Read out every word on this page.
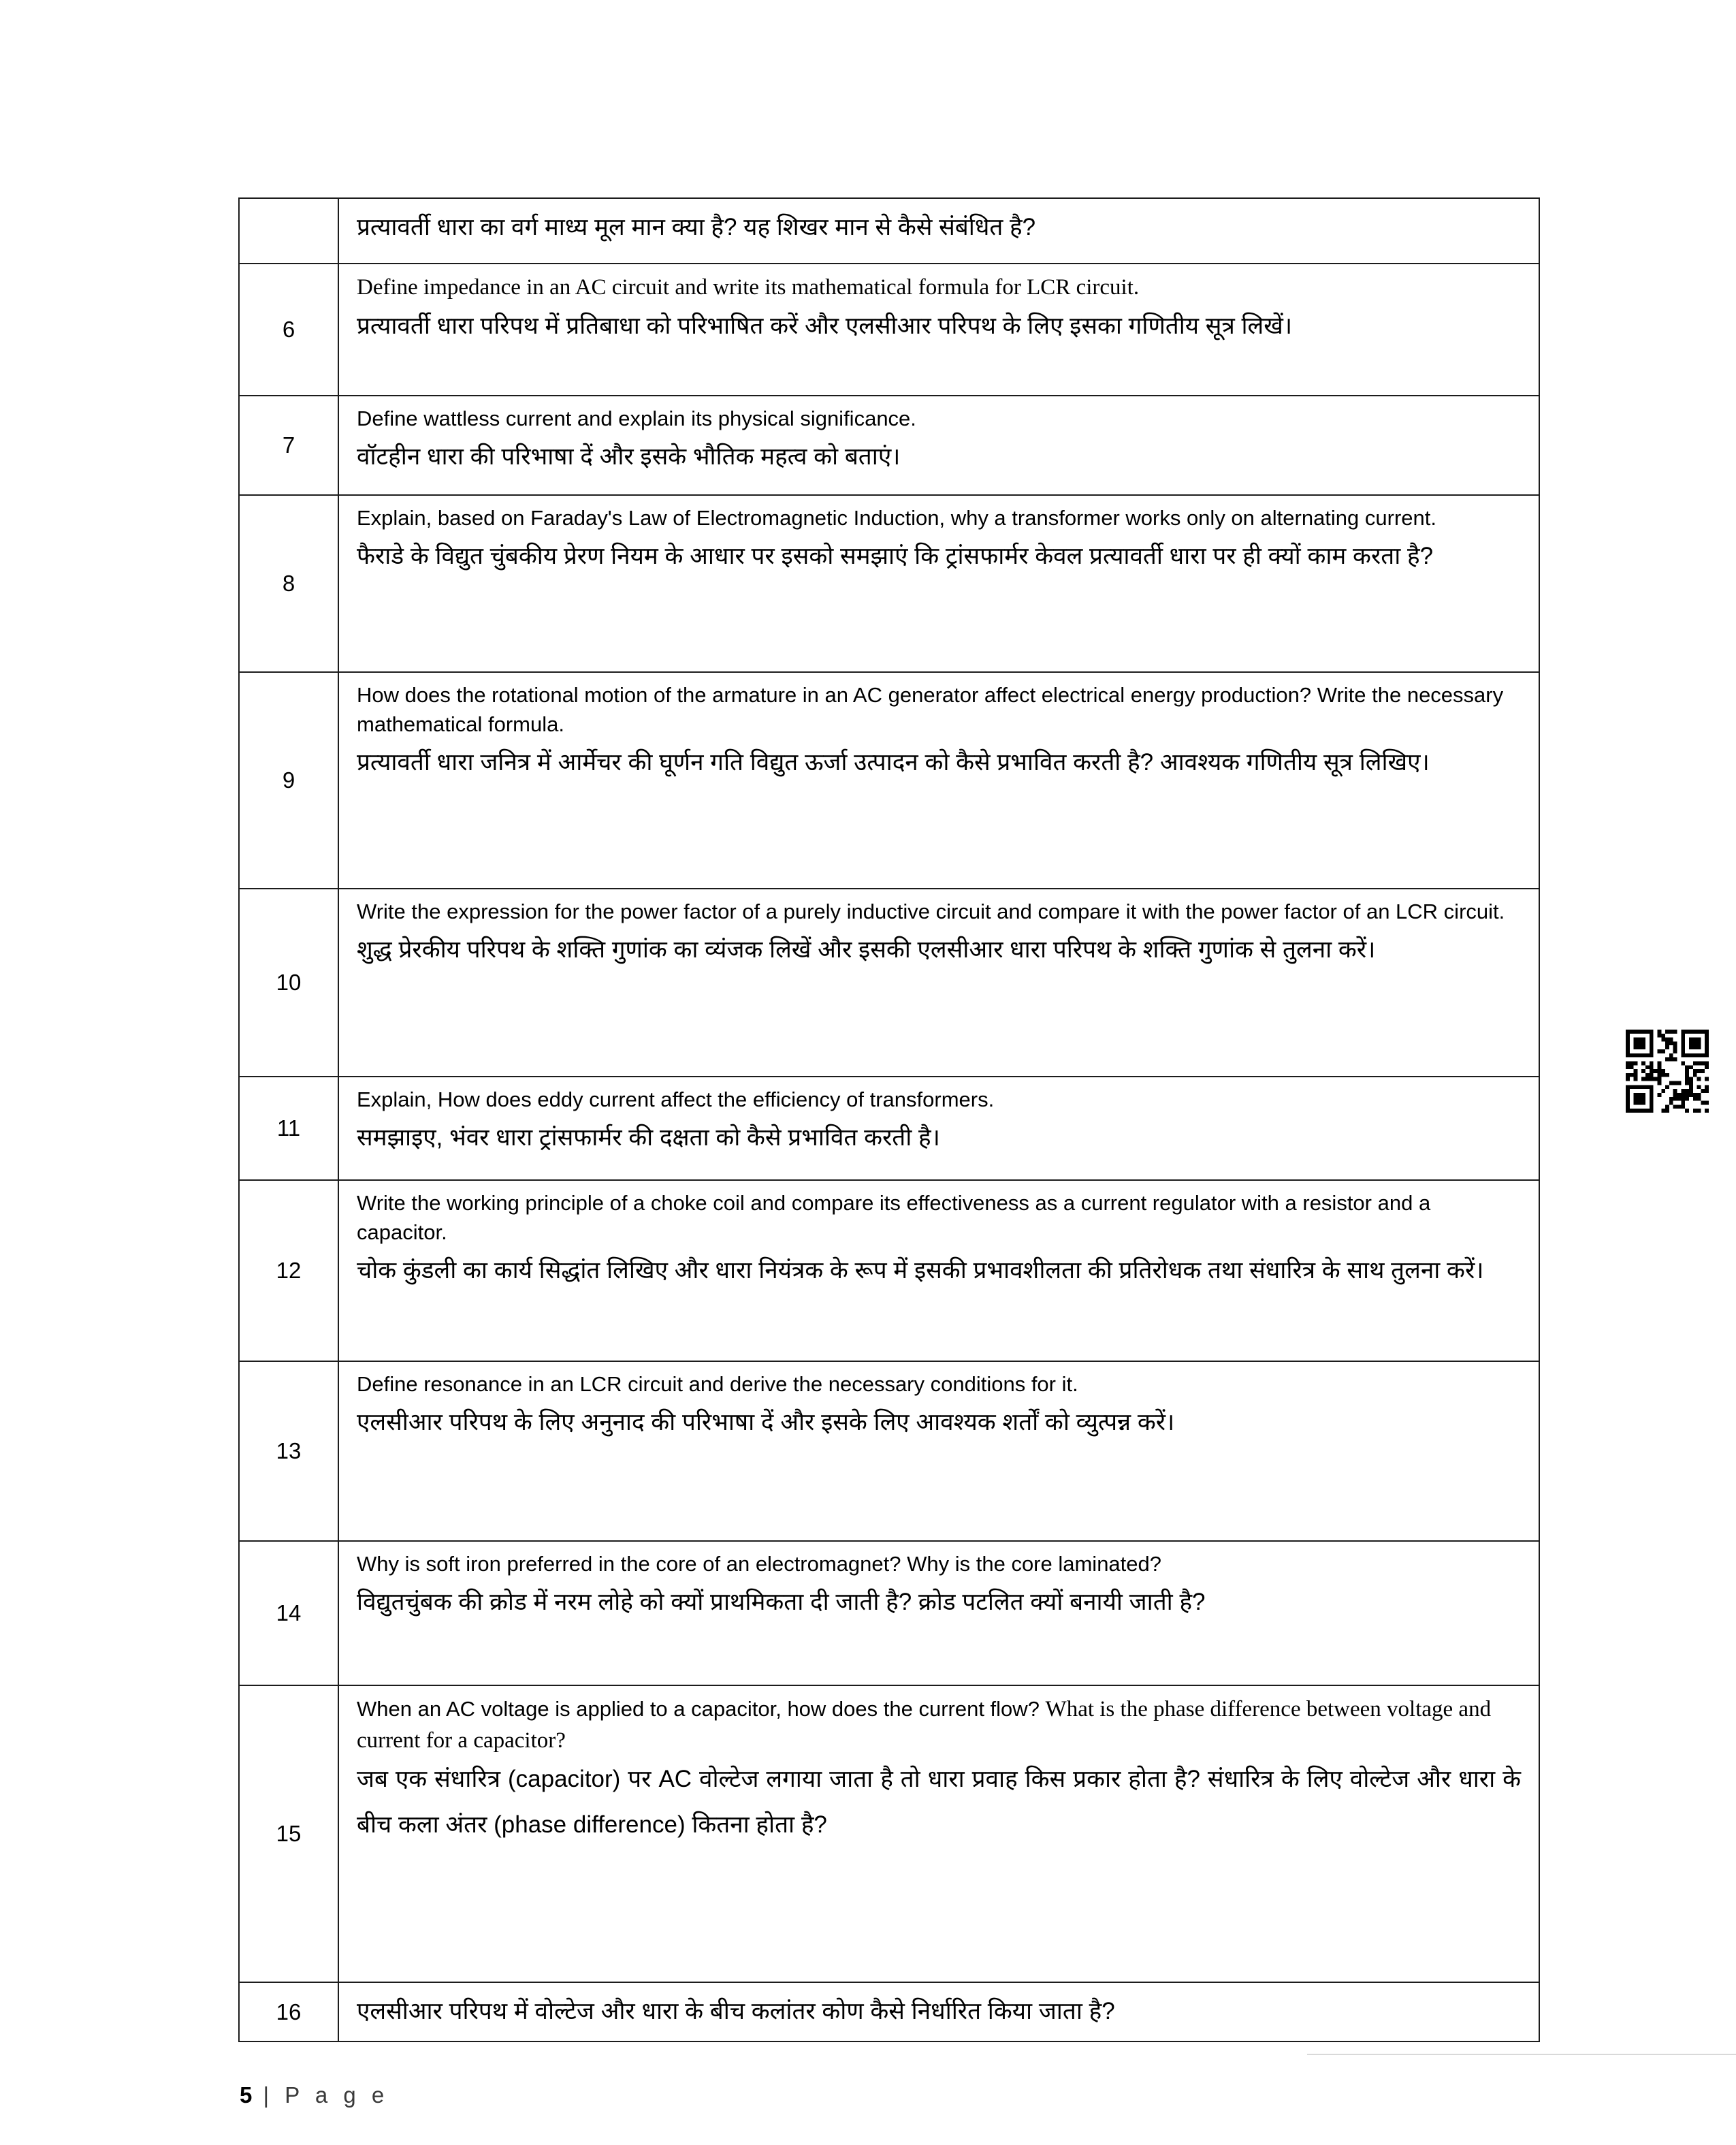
प्रत्यावर्ती धारा का वर्ग माध्य मूल मान क्या है? यह शिखर मान से कैसे संबंधित है?

6

Define impedance in an AC circuit and write its mathematical formula for LCR circuit.

प्रत्यावर्ती धारा परिपथ में प्रतिबाधा को परिभाषित करें और एलसीआर परिपथ के लिए इसका गणितीय सूत्र लिखें।

7

Define wattless current and explain its physical significance.

वॉटहीन धारा की परिभाषा दें और इसके भौतिक महत्व को बताएं।

8

Explain, based on Faraday's Law of Electromagnetic Induction, why a transformer works only on alternating current.

फैराडे के विद्युत चुंबकीय प्रेरण नियम के आधार पर इसको समझाएं कि ट्रांसफार्मर केवल प्रत्यावर्ती धारा पर ही क्यों काम करता है?

9

How does the rotational motion of the armature in an AC generator affect electrical energy production? Write the necessary mathematical formula.

प्रत्यावर्ती धारा जनित्र में आर्मेचर की घूर्णन गति विद्युत ऊर्जा उत्पादन को कैसे प्रभावित करती है? आवश्यक गणितीय सूत्र लिखिए।

10

Write the expression for the power factor of a purely inductive circuit and compare it with the power factor of an LCR circuit.

शुद्ध प्रेरकीय परिपथ के शक्ति गुणांक का व्यंजक लिखें और इसकी एलसीआर धारा परिपथ के शक्ति गुणांक से तुलना करें।

11

Explain, How does eddy current affect the efficiency of transformers.

समझाइए, भंवर धारा ट्रांसफार्मर की दक्षता को कैसे प्रभावित करती है।

12

Write the working principle of a choke coil and compare its effectiveness as a current regulator with a resistor and a capacitor.

चोक कुंडली का कार्य सिद्धांत लिखिए और धारा नियंत्रक के रूप में इसकी प्रभावशीलता की प्रतिरोधक तथा संधारित्र के साथ तुलना करें।

13

Define resonance in an LCR circuit and derive the necessary conditions for it.

एलसीआर परिपथ के लिए अनुनाद की परिभाषा दें और इसके लिए आवश्यक शर्तों को व्युत्पन्न करें।

14

Why is soft iron preferred in the core of an electromagnet? Why is the core laminated?

विद्युतचुंबक की क्रोड में नरम लोहे को क्यों प्राथमिकता दी जाती है? क्रोड पटलित क्यों बनायी जाती है?

15

When an AC voltage is applied to a capacitor, how does the current flow? What is the phase difference between voltage and current for a capacitor?

जब एक संधारित्र (capacitor) पर AC वोल्टेज लगाया जाता है तो धारा प्रवाह किस प्रकार होता है? संधारित्र के लिए वोल्टेज और धारा के बीच कला अंतर (phase difference) कितना होता है?

16	एलसीआर परिपथ में वोल्टेज और धारा के बीच कलांतर कोण कैसे निर्धारित किया जाता है?

5 | P a g e
